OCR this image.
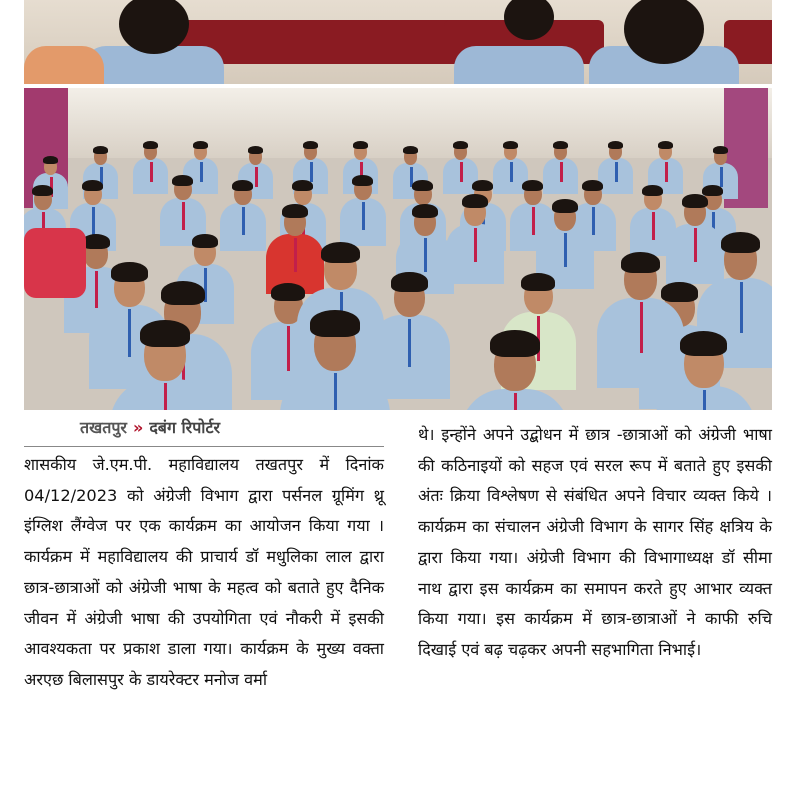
तखतपुर » दबंग रिपोर्टर

शासकीय जे.एम.पी. महाविद्यालय तखतपुर में दिनांक 04/12/2023 को अंग्रेजी विभाग द्वारा पर्सनल ग्रूमिंग थ्रू इंग्लिश लैंग्वेज पर एक कार्यक्रम का आयोजन किया गया । कार्यक्रम में महाविद्यालय की प्राचार्य डॉ मधुलिका लाल द्वारा छात्र-छात्राओं को अंग्रेजी भाषा के महत्व को बताते हुए दैनिक जीवन में अंग्रेजी भाषा की उपयोगिता एवं नौकरी में इसकी आवश्यकता पर प्रकाश डाला गया। कार्यक्रम के मुख्य वक्ता अरएछ बिलासपुर के डायरेक्टर मनोज वर्मा

थे। इन्होंने अपने उद्बोधन में छात्र -छात्राओं को अंग्रेजी भाषा की कठिनाइयों को सहज एवं सरल रूप में बताते हुए इसकी अंतः क्रिया विश्लेषण से संबंधित अपने विचार व्यक्त किये । कार्यक्रम का संचालन अंग्रेजी विभाग के सागर सिंह क्षत्रिय के द्वारा किया गया। अंग्रेजी विभाग की विभागाध्यक्ष डॉ सीमा नाथ द्वारा इस कार्यक्रम का समापन करते हुए आभार व्यक्त किया गया। इस कार्यक्रम में छात्र-छात्राओं ने काफी रुचि दिखाई एवं बढ़ चढ़कर अपनी सहभागिता निभाई।
